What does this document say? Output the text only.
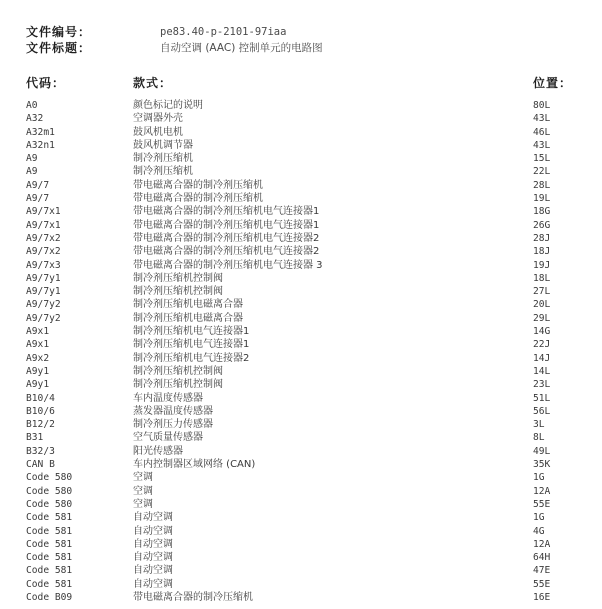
文件编号：	pe83.40-p-2101-97iaa
文件标题：	自动空调 (AAC) 控制单元的电路图
代码：	款式：	位置：
A0	颜色标记的说明	80L
A32	空调器外壳	43L
A32m1	鼓风机电机	46L
A32n1	鼓风机调节器	43L
A9	制冷剂压缩机	15L
A9	制冷剂压缩机	22L
A9/7	带电磁离合器的制冷剂压缩机	28L
A9/7	带电磁离合器的制冷剂压缩机	19L
A9/7x1	带电磁离合器的制冷剂压缩机电气连接器1	18G
A9/7x1	带电磁离合器的制冷剂压缩机电气连接器1	26G
A9/7x2	带电磁离合器的制冷剂压缩机电气连接器2	28J
A9/7x2	带电磁离合器的制冷剂压缩机电气连接器2	18J
A9/7x3	带电磁离合器的制冷剂压缩机电气连接器 3	19J
A9/7y1	制冷剂压缩机控制阀	18L
A9/7y1	制冷剂压缩机控制阀	27L
A9/7y2	制冷剂压缩机电磁离合器	20L
A9/7y2	制冷剂压缩机电磁离合器	29L
A9x1	制冷剂压缩机电气连接器1	14G
A9x1	制冷剂压缩机电气连接器1	22J
A9x2	制冷剂压缩机电气连接器2	14J
A9y1	制冷剂压缩机控制阀	14L
A9y1	制冷剂压缩机控制阀	23L
B10/4	车内温度传感器	51L
B10/6	蒸发器温度传感器	56L
B12/2	制冷剂压力传感器	3L
B31	空气质量传感器	8L
B32/3	阳光传感器	49L
CAN B	车内控制器区域网络 (CAN)	35K
Code 580	空调	1G
Code 580	空调	12A
Code 580	空调	55E
Code 581	自动空调	1G
Code 581	自动空调	4G
Code 581	自动空调	12A
Code 581	自动空调	64H
Code 581	自动空调	47E
Code 581	自动空调	55E
Code B09	带电磁离合器的制冷压缩机	16E
